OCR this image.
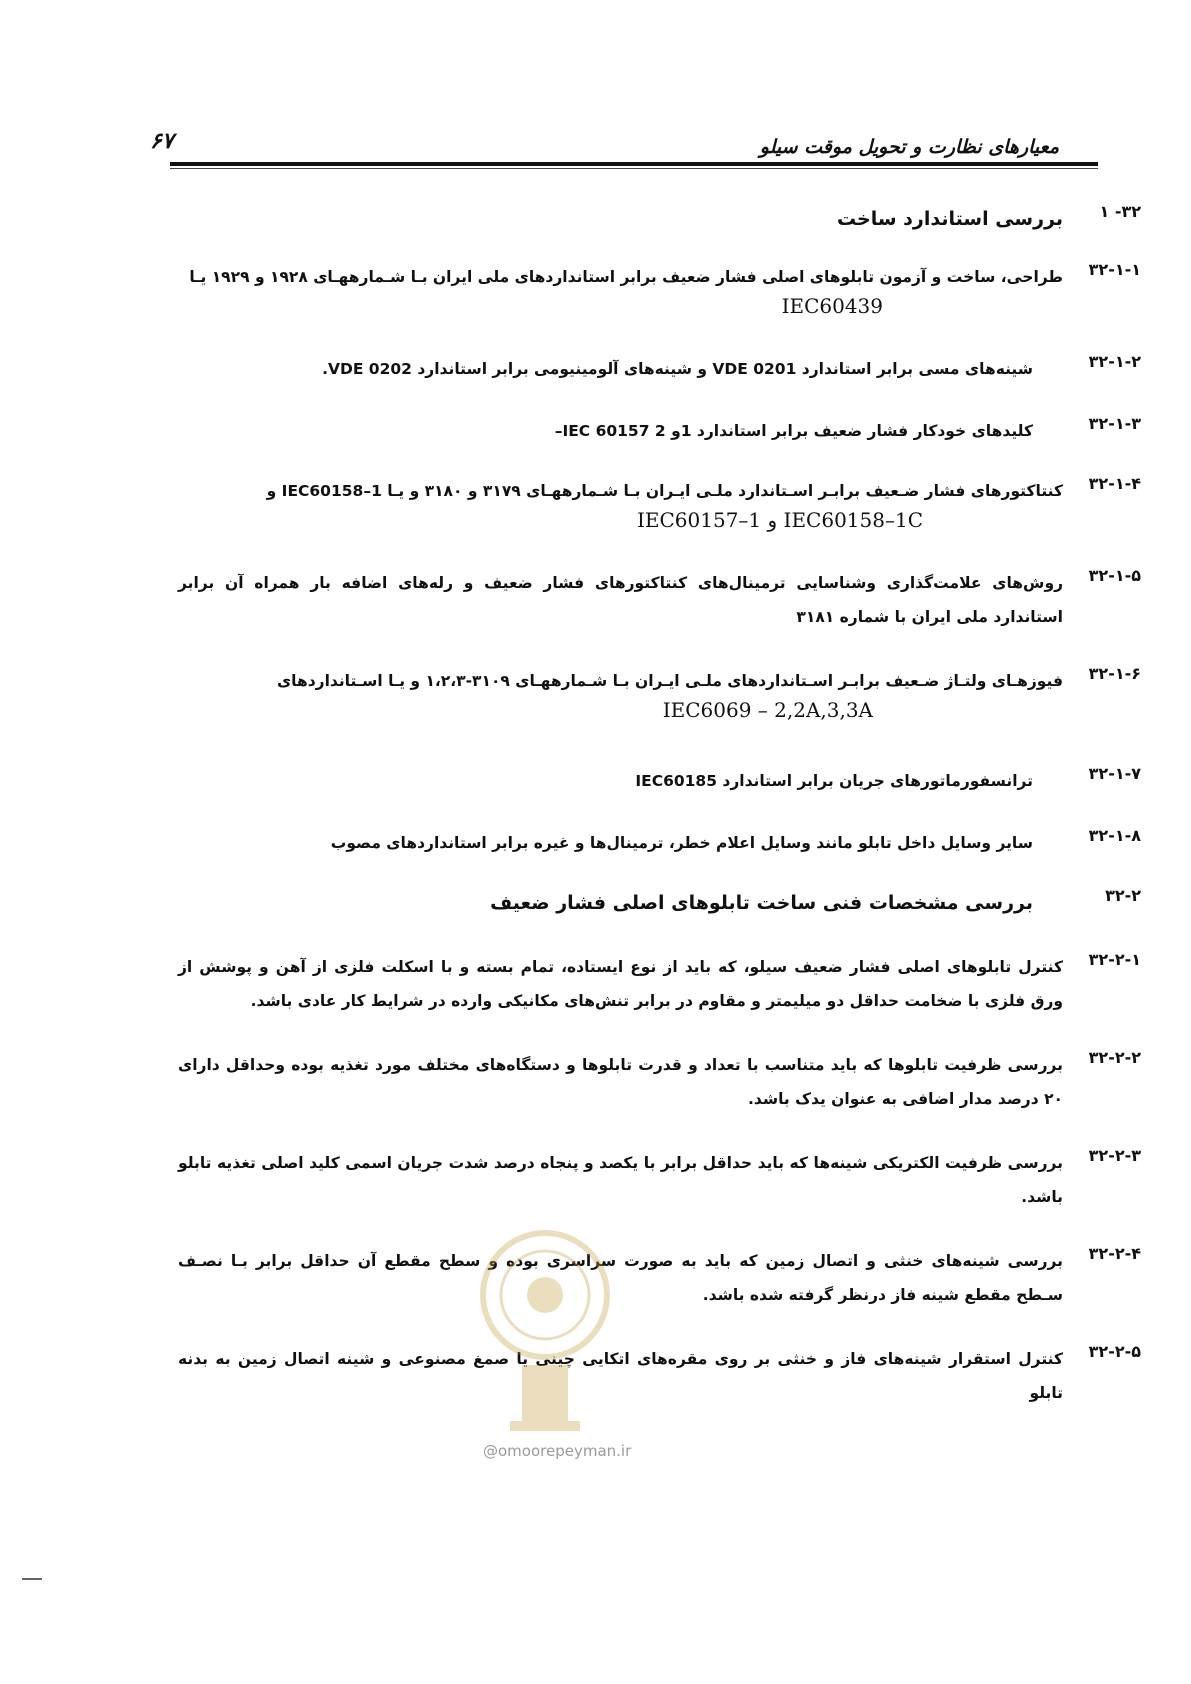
معیارهای نظارت و تحویل موقت سیلو
۶۷
۳۲- ۱
بررسی استاندارد ساخت
۳۲-۱-۱
طراحی، ساخت و آزمون تابلوهای اصلی فشار ضعیف برابر استانداردهای ملی ایران بـا شـمارههـای ۱۹۲۸ و ۱۹۲۹ یـا
IEC60439
۳۲-۱-۲
شینه‌های مسی برابر استاندارد VDE 0201 و شینه‌های آلومینیومی برابر استاندارد VDE 0202.
۳۲-۱-۳
کلیدهای خودکار فشار ضعیف برابر استاندارد 1و 2 IEC 60157–
۳۲-۱-۴
کنتاکتورهای فشار ضـعیف برابـر اسـتاندارد ملـی ایـران بـا شـمارههـای ۳۱۷۹ و ۳۱۸۰ و یـا IEC60158–1 و
IEC60157–1 و IEC60158–1C
۳۲-۱-۵
روش‌های علامت‌گذاری وشناسایی ترمینال‌های کنتاکتورهای فشار ضعیف و رله‌های اضافه بار همراه آن برابر استاندارد ملی ایران با شماره ۳۱۸۱
۳۲-۱-۶
فیوزهـای ولتـاژ ضـعیف برابـر اسـتانداردهای ملـی ایـران بـا شـمارههـای ۳۱۰۹-۱،۲،۳ و یـا اسـتانداردهای
IEC6069 – 2,2A,3,3A
۳۲-۱-۷
ترانسفورماتورهای جریان برابر استاندارد IEC60185
۳۲-۱-۸
سایر وسایل داخل تابلو مانند وسایل اعلام خطر، ترمینال‌ها و غیره برابر استانداردهای مصوب
۳۲-۲
بررسی مشخصات فنی ساخت تابلوهای اصلی فشار ضعیف
۳۲-۲-۱
کنترل تابلوهای اصلی فشار ضعیف سیلو، که باید از نوع ایستاده، تمام بسته و با اسکلت فلزی از آهن و پوشش از ورق فلزی با ضخامت حداقل دو میلیمتر و مقاوم در برابر تنش‌های مکانیکی وارده در شرایط کار عادی باشد.
۳۲-۲-۲
بررسی ظرفیت تابلوها که باید متناسب با تعداد و قدرت تابلوها و دستگاه‌های مختلف مورد تغذیه بوده وحداقل دارای ۲۰ درصد مدار اضافی به عنوان یدک باشد.
۳۲-۲-۳
بررسی ظرفیت الکتریکی شینه‌ها که باید حداقل برابر با یکصد و پنجاه درصد شدت جریان اسمی کلید اصلی تغذیه تابلو باشد.
۳۲-۲-۴
بررسی شینه‌های خنثی و اتصال زمین که باید به صورت سراسری بوده و سطح مقطع آن حداقل برابر بـا نصـف سـطح مقطع شینه فاز درنظر گرفته شده باشد.
۳۲-۲-۵
کنترل استقرار شینه‌های فاز و خنثی بر روی مقره‌های اتکایی چینی یا صمغ مصنوعی و شینه اتصال زمین به بدنه تابلو
@omoorepeyman.ir
